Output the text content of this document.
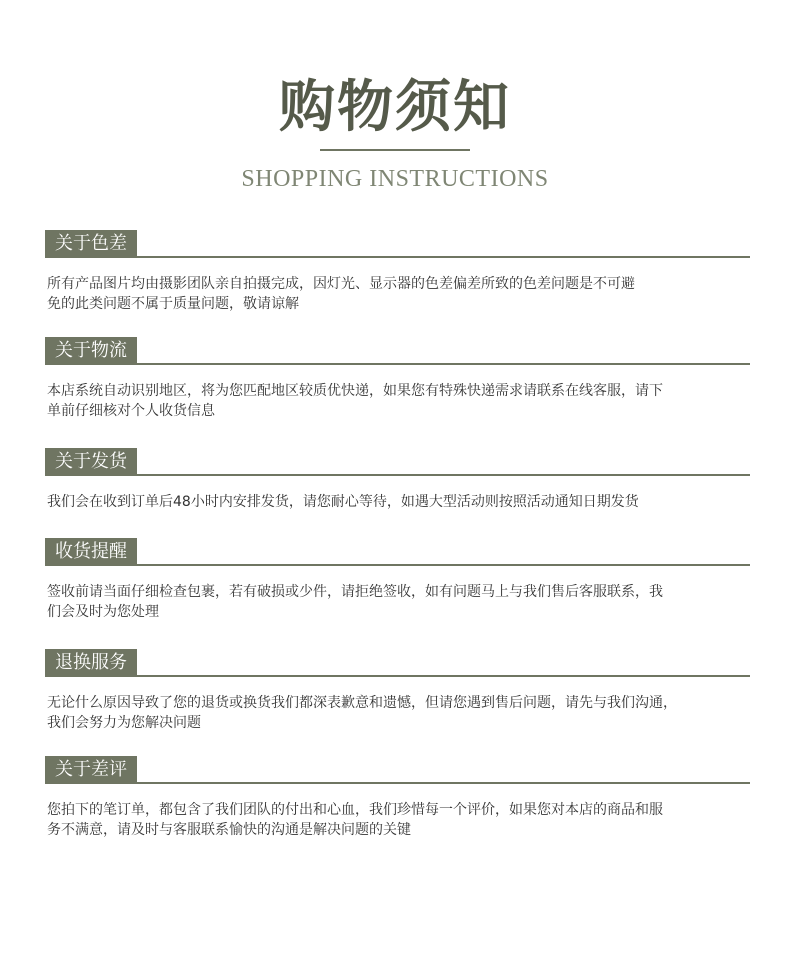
购物须知
SHOPPING INSTRUCTIONS
关于色差
所有产品图片均由摄影团队亲自拍摄完成，因灯光、显示器的色差偏差所致的色差问题是不可避
免的此类问题不属于质量问题，敬请谅解
关于物流
本店系统自动识别地区，将为您匹配地区较质优快递，如果您有特殊快递需求请联系在线客服，请下
单前仔细核对个人收货信息
关于发货
我们会在收到订单后48小时内安排发货，请您耐心等待，如遇大型活动则按照活动通知日期发货
收货提醒
签收前请当面仔细检查包裹，若有破损或少件，请拒绝签收，如有问题马上与我们售后客服联系，我
们会及时为您处理
退换服务
无论什么原因导致了您的退货或换货我们都深表歉意和遗憾，但请您遇到售后问题，请先与我们沟通，
我们会努力为您解决问题
关于差评
您拍下的笔订单，都包含了我们团队的付出和心血，我们珍惜每一个评价，如果您对本店的商品和服
务不满意，请及时与客服联系愉快的沟通是解决问题的关键
